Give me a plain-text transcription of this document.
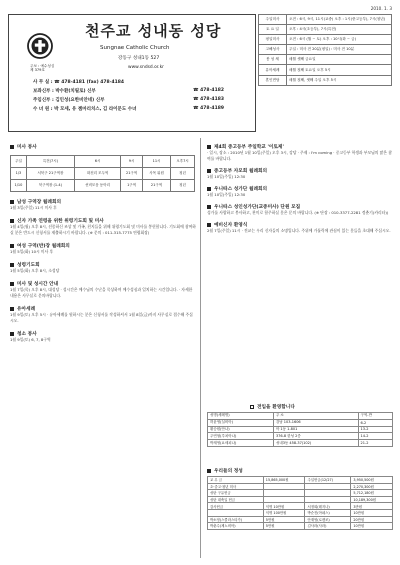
2010. 1. 3
주보 : 예수성심
제 379호
천주교 성내동 성당
Sungnae Catholic Church
강동구 성내1동 527
www.sndsd.or.kr
사 무 실 : ☎ 478-4181 (fax) 478-4184
보좌신부 : 박수환(치릴로) 신부	☎ 478-4182
주임신부 : 김인성(요한비안네) 신부	☎ 478-4183
수 녀 원 : 박 모세, 유 젬마리치스, 김 라이문도 수녀	☎ 478-4189
주일미사	오전 : 6시, 9시, 11시(교중) 오후 : 1시(중고등부), 7시(청년)
토 요 일	오후 : 4시(초등부), 7시(특전)
평일미사	오전 : 6시 (월 ~ 토) 오후 : 10시(화 ~ 금)
고해성사	주일 : 미사 전 20분(평일) : 미사 전 10분
봉 성 체	매월 셋째 금요일
유아세례	매월 첫째 토요일 오후 5시
혼인면담	매월 첫째, 셋째 주일 오후 5시
미사 봉사
주일	특전(7시)	6시	9시	11시	오후7시
1/3	서북구 21구역장	화천리 모두역	21구역	사목 위원	청년
1/10	북구역장 (1-4)	선비모음 동아리	1구역	21구역	청년
남성 구역장 월례회의
1월 3일(주일) 11시 미사 후
신자 가족 연령을 위한 위령기도회 및 미사
1월 4일(월) 오후 8시, 선종하신 조상 및 가족, 친지들을 위해 위령기도회 및 미사를 봉헌합니다. 기도회에 참여하실 분은 반드시 신청서를 제출하시기 바랍니다. (※ 문의 : 011-315-7775 연령회장)
여성 구역(반)장 월례회의
1월 5일(화) 10시 미사 후
성령기도회
1월 5일(화) 오후 8시, 소성당
미사 및 성시간 안내
1월 7일(목) 오후 8시, 대성당 · 성시간은 예수님의 수난을 묵상하며 예수성심과 일치하는 시간입니다. · 자세한 내용은 사무실로 문의바랍니다.
유아세례
1월 9일(토) 오후 5시 · 유아세례를 원하시는 분은 신청서를 작성하셔서 1월 8일(금)까지 사무실로 접수해 주십시오.
청소 봉사
1월 9일(토) 6, 7, 8구역
제4회 중고등부 주일학교 '이토제'
· 일시, 장소 : 2010년 1월 10일(주일) 오후 3시, 강당 · 주제 : I'm coming · 중고등부 학생과 부모님의 많은 참여를 바랍니다.
중고등부 자모회 월례회의
1월 10일(주일) 12:30
우니따스 성가단 월례회의
1월 10일(주일) 12:30
우니따스 성인성가단(교중미사) 단원 모집
성가를 사랑하고 봉사하고, 찬미로 합주하실 분은 문의 바랍니다. (※ 단장 : 010-3377-2281 정춘기(카리타))
예비신자 환영식
2월 7일(주일) 11시 · 전교는 우리 신자들의 소명입니다. 주위에 가톨릭에 관심이 있는 분들을 초대해 주십시오.
전입을 환영합니다
성명(세례명)	주 소	구역-반
허윤영(실비아)	강남 103-1606	6-2
황승원(안나)	아 1동 1-801	13-2
주연형(루치아나)	376-8 한성 2층	14-2
박재영(요세피나)	성내3동 458-37(102)	21-2
우리들의 정성
교 무 금	15,865,000원	주일헌금(12/27)	3,950,500원
초·중고·청년 미사			2,270,300원
성탄 구유헌금			5,712,180원
성탄 대축일 헌금			10,189,300원
감사헌금	익명 10만원	서정희(레지나)	3만원
	익명 100만원	박순진(아녜스)	10만원
박소영(스콜라스티카)	5만원	안재영(로렌조)	20만원
박춘수(제노비아)	5만원	김사라(사라)	10만원
